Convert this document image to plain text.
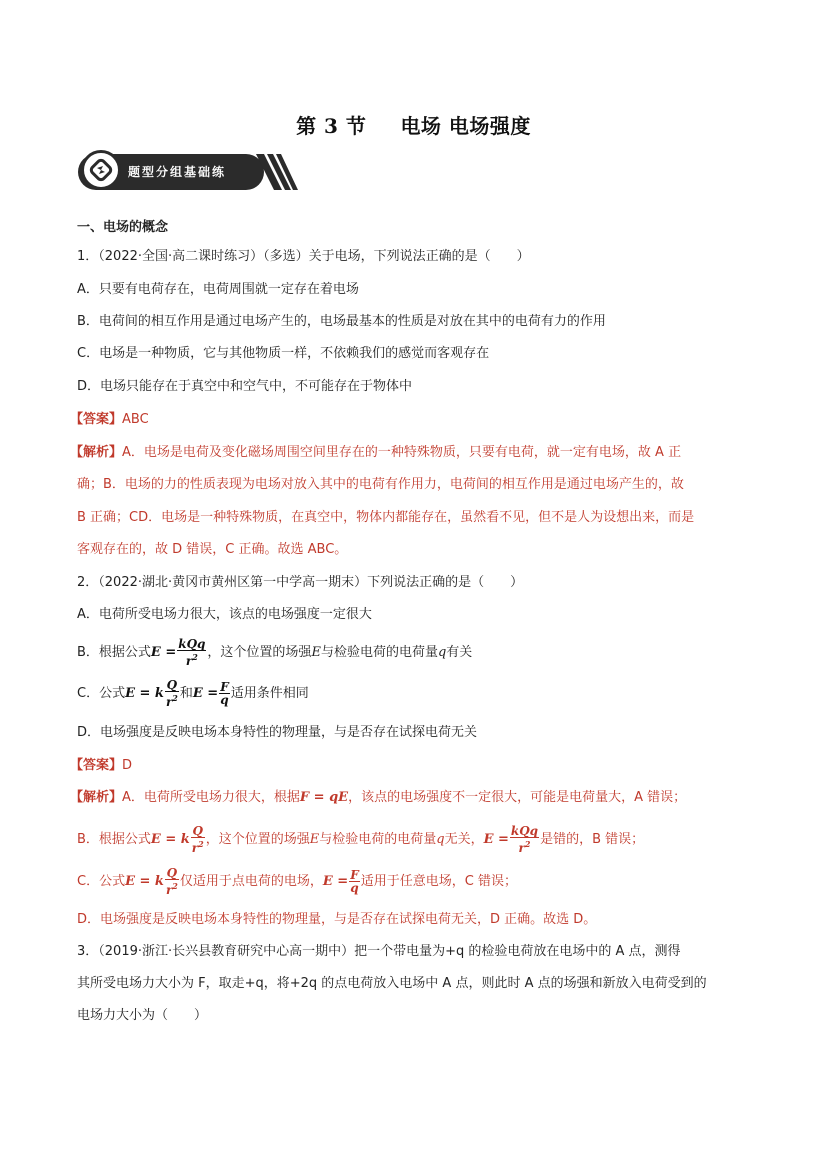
第 3 节 电场 电场强度
题型分组基础练
一、电场的概念
1．（2022·全国·高二课时练习）（多选）关于电场，下列说法正确的是（　　）
A．只要有电荷存在，电荷周围就一定存在着电场
B．电荷间的相互作用是通过电场产生的，电场最基本的性质是对放在其中的电荷有力的作用
C．电场是一种物质，它与其他物质一样，不依赖我们的感觉而客观存在
D．电场只能存在于真空中和空气中，不可能存在于物体中
【答案】ABC
【解析】A．电场是电荷及变化磁场周围空间里存在的一种特殊物质，只要有电荷，就一定有电场，故 A 正
确；B．电场的力的性质表现为电场对放入其中的电荷有作用力，电荷间的相互作用是通过电场产生的，故
B 正确；CD．电场是一种特殊物质，在真空中，物体内都能存在，虽然看不见，但不是人为设想出来，而是
客观存在的，故 D 错误，C 正确。故选 ABC。
2．（2022·湖北·黄冈市黄州区第一中学高一期末）下列说法正确的是（　　）
A．电荷所受电场力很大，该点的电场强度一定很大
B．根据公式$E = \frac{\text{kQq}}{r^2}$ ，这个位置的场强E与检验电荷的电荷量q有关
C．公式E = k $\frac{Q}{r^2}$ 和$E = \frac{F}{q}$ 适用条件相同
D．电场强度是反映电场本身特性的物理量，与是否存在试探电荷无关
【答案】D
【解析】A．电荷所受电场力很大，根据F = qE，该点的电场强度不一定很大，可能是电荷量大，A 错误；
B．根据公式E = k $\frac{Q}{r^2}$ ，这个位置的场强E与检验电荷的电荷量q无关，$E = \frac{\text{kQq}}{r^2}$ 是错的，B 错误；
C．公式E = k $\frac{Q}{r^2}$ 仅适用于点电荷的电场，$E = \frac{F}{q}$ 适用于任意电场，C 错误；
D．电场强度是反映电场本身特性的物理量，与是否存在试探电荷无关，D 正确。故选 D。
3．（2019·浙江·长兴县教育研究中心高一期中）把一个带电量为+q 的检验电荷放在电场中的 A 点，测得
其所受电场力大小为 F，取走+q，将+2q 的点电荷放入电场中 A 点，则此时 A 点的场强和新放入电荷受到的
电场力大小为（　　）
